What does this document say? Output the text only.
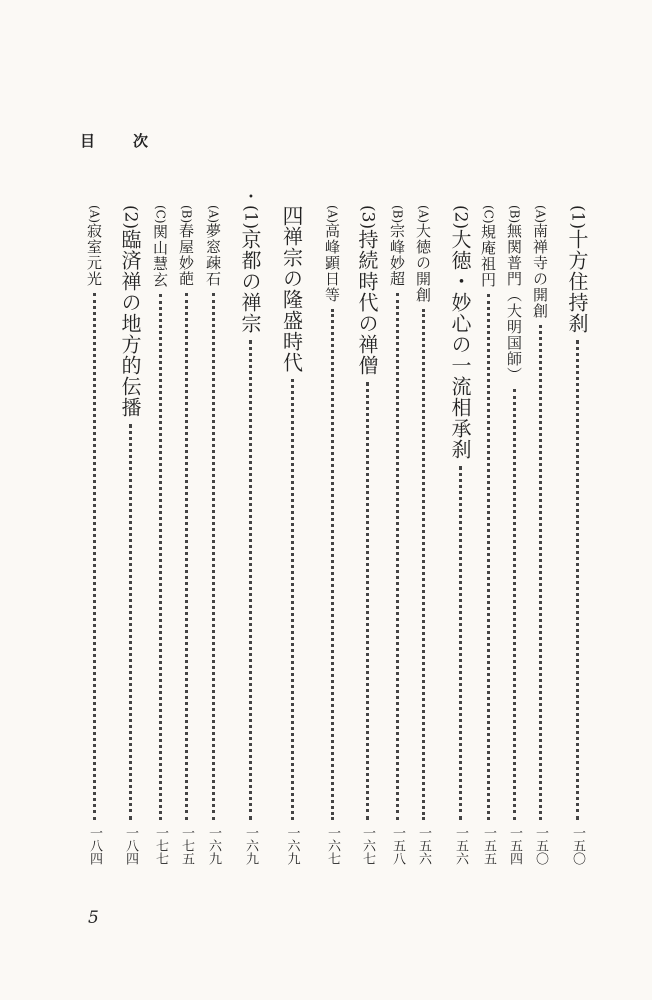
目	次
•
(1)
十方住持刹
一五〇
(A)
南禅寺の開創
一五〇
(B)
無関普門（大明国師）
一五四
(C)
規庵祖円
一五五
(2)
大徳・妙心の一流相承刹
一五六
(A)
大徳の開創
一五六
(B)
宗峰妙超
一五八
(3)
持続時代の禅僧
一六七
(A)
高峰顕日等
一六七
四
禅宗の隆盛時代
一六九
(1)
京都の禅宗
一六九
(A)
夢窓疎石
一六九
(B)
春屋妙葩
一七五
(C)
関山慧玄
一七七
(2)
臨済禅の地方的伝播
一八四
(A)
寂室元光
一八四
5
